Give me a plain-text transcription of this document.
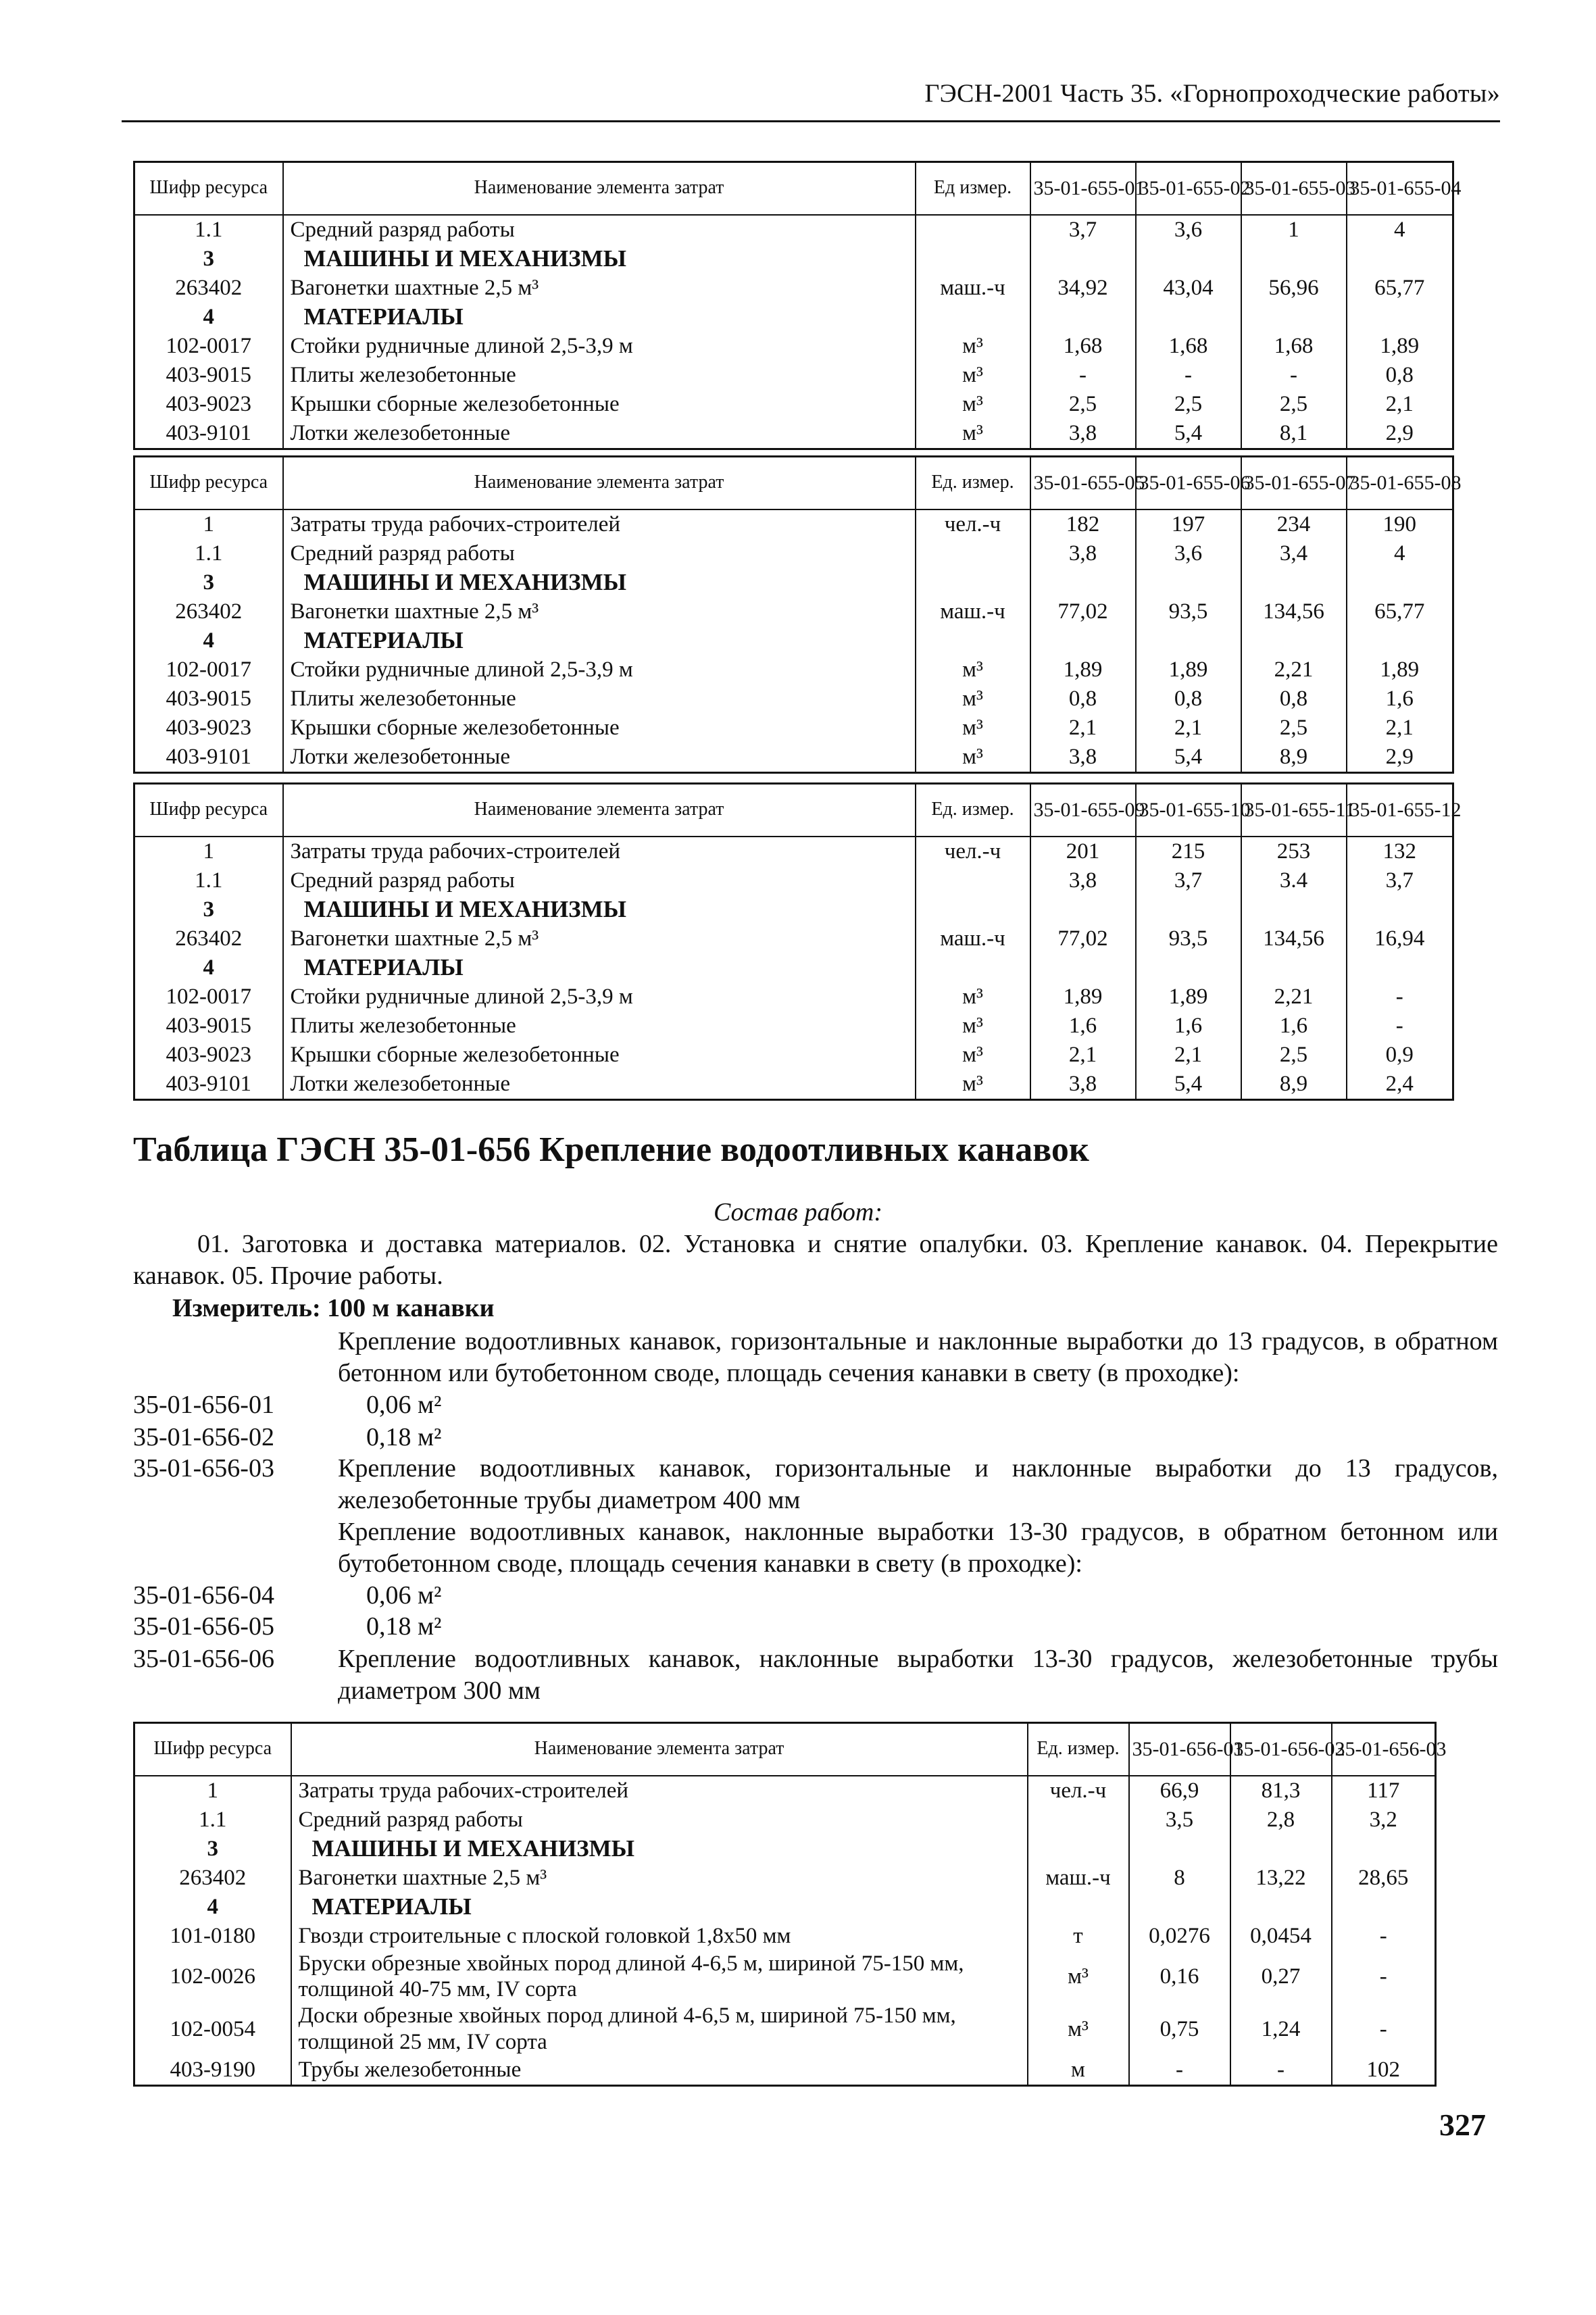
ГЭСН-2001 Часть 35. «Горнопроходческие работы»
Шифр ресурса	Наименование элемента затрат	Ед измер.	35-01-655-01	35-01-655-02	35-01-655-03	35-01-655-04
1.1	Средний разряд работы		3,7	3,6	1	4
3	МАШИНЫ И МЕХАНИЗМЫ					
263402	Вагонетки шахтные 2,5 м³	маш.-ч	34,92	43,04	56,96	65,77
4	МАТЕРИАЛЫ					
102-0017	Стойки рудничные длиной 2,5-3,9 м	м³	1,68	1,68	1,68	1,89
403-9015	Плиты железобетонные	м³	-	-	-	0,8
403-9023	Крышки сборные железобетонные	м³	2,5	2,5	2,5	2,1
403-9101	Лотки железобетонные	м³	3,8	5,4	8,1	2,9
Шифр ресурса	Наименование элемента затрат	Ед. измер.	35-01-655-05	35-01-655-06	35-01-655-07	35-01-655-08
1	Затраты труда рабочих-строителей	чел.-ч	182	197	234	190
1.1	Средний разряд работы		3,8	3,6	3,4	4
3	МАШИНЫ И МЕХАНИЗМЫ					
263402	Вагонетки шахтные 2,5 м³	маш.-ч	77,02	93,5	134,56	65,77
4	МАТЕРИАЛЫ					
102-0017	Стойки рудничные длиной 2,5-3,9 м	м³	1,89	1,89	2,21	1,89
403-9015	Плиты железобетонные	м³	0,8	0,8	0,8	1,6
403-9023	Крышки сборные железобетонные	м³	2,1	2,1	2,5	2,1
403-9101	Лотки железобетонные	м³	3,8	5,4	8,9	2,9
Шифр ресурса	Наименование элемента затрат	Ед. измер.	35-01-655-09	35-01-655-10	35-01-655-11	35-01-655-12
1	Затраты труда рабочих-строителей	чел.-ч	201	215	253	132
1.1	Средний разряд работы		3,8	3,7	3.4	3,7
3	МАШИНЫ И МЕХАНИЗМЫ					
263402	Вагонетки шахтные 2,5 м³	маш.-ч	77,02	93,5	134,56	16,94
4	МАТЕРИАЛЫ					
102-0017	Стойки рудничные длиной 2,5-3,9 м	м³	1,89	1,89	2,21	-
403-9015	Плиты железобетонные	м³	1,6	1,6	1,6	-
403-9023	Крышки сборные железобетонные	м³	2,1	2,1	2,5	0,9
403-9101	Лотки железобетонные	м³	3,8	5,4	8,9	2,4
Таблица ГЭСН 35-01-656 Крепление водоотливных канавок
Состав работ:
01. Заготовка и доставка материалов. 02. Установка и снятие опалубки. 03. Крепление канавок. 04. Перекрытие канавок. 05. Прочие работы.
Измеритель: 100 м канавки
Крепление водоотливных канавок, горизонтальные и наклонные выработки до 13 градусов, в обратном бетонном или бутобетонном своде, площадь сечения канавки в свету (в проходке):
35-01-656-01	0,06 м²
35-01-656-02	0,18 м²
35-01-656-03	Крепление водоотливных канавок, горизонтальные и наклонные выработки до 13 градусов, железобетонные трубы диаметром 400 мм
Крепление водоотливных канавок, наклонные выработки 13-30 градусов, в обратном бетонном или бутобетонном своде, площадь сечения канавки в свету (в проходке):
35-01-656-04	0,06 м²
35-01-656-05	0,18 м²
35-01-656-06	Крепление водоотливных канавок, наклонные выработки 13-30 градусов, железобетонные трубы диаметром 300 мм
Шифр ресурса	Наименование элемента затрат	Ед. измер.	35-01-656-01	35-01-656-02	35-01-656-03
1	Затраты труда рабочих-строителей	чел.-ч	66,9	81,3	117
1.1	Средний разряд работы		3,5	2,8	3,2
3	МАШИНЫ И МЕХАНИЗМЫ				
263402	Вагонетки шахтные 2,5 м³	маш.-ч	8	13,22	28,65
4	МАТЕРИАЛЫ				
101-0180	Гвозди строительные с плоской головкой 1,8х50 мм	т	0,0276	0,0454	-
102-0026	Бруски обрезные хвойных пород длиной 4-6,5 м, шириной 75-150 мм, толщиной 40-75 мм, IV сорта	м³	0,16	0,27	-
102-0054	Доски обрезные хвойных пород длиной 4-6,5 м, шириной 75-150 мм, толщиной 25 мм, IV сорта	м³	0,75	1,24	-
403-9190	Трубы железобетонные	м	-	-	102
327
